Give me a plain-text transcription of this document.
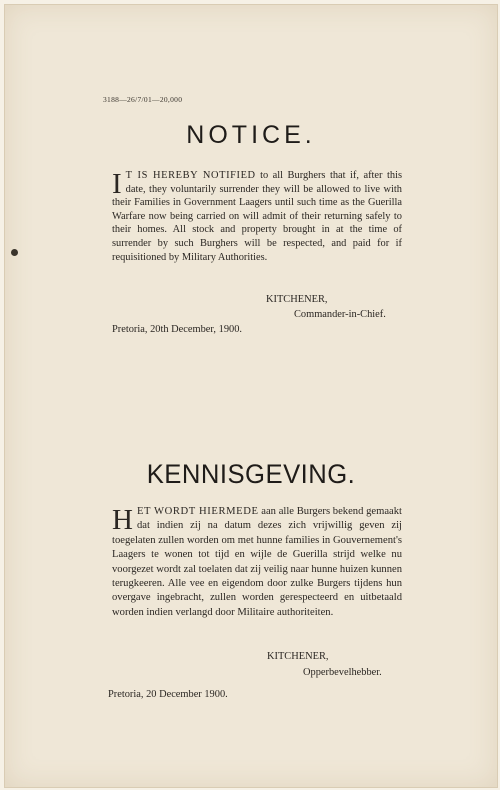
3188—26/7/01—20,000
NOTICE.
I T IS HEREBY NOTIFIED to all Burghers that if, after this date, they voluntarily surrender they will be allowed to live with their Families in Government Laagers until such time as the Guerilla Warfare now being carried on will admit of their returning safely to their homes. All stock and property brought in at the time of surrender by such Burghers will be respected, and paid for if requisitioned by Military Authorities.
KITCHENER,
Commander-in-Chief.
Pretoria, 20th December, 1900.
KENNISGEVING.
H ET WORDT HIERMEDE aan alle Burgers bekend gemaakt dat indien zij na datum dezes zich vrijwillig geven zij toegelaten zullen worden om met hunne families in Gouvernement's Laagers te wonen tot tijd en wijle de Guerilla strijd welke nu voorgezet wordt zal toelaten dat zij veilig naar hunne huizen kunnen terugkeeren. Alle vee en eigendom door zulke Burgers tijdens hun overgave ingebracht, zullen worden gerespecteerd en uitbetaald worden indien verlangd door Militaire authoriteiten.
KITCHENER,
Opperbevelhebber.
Pretoria, 20 December 1900.
